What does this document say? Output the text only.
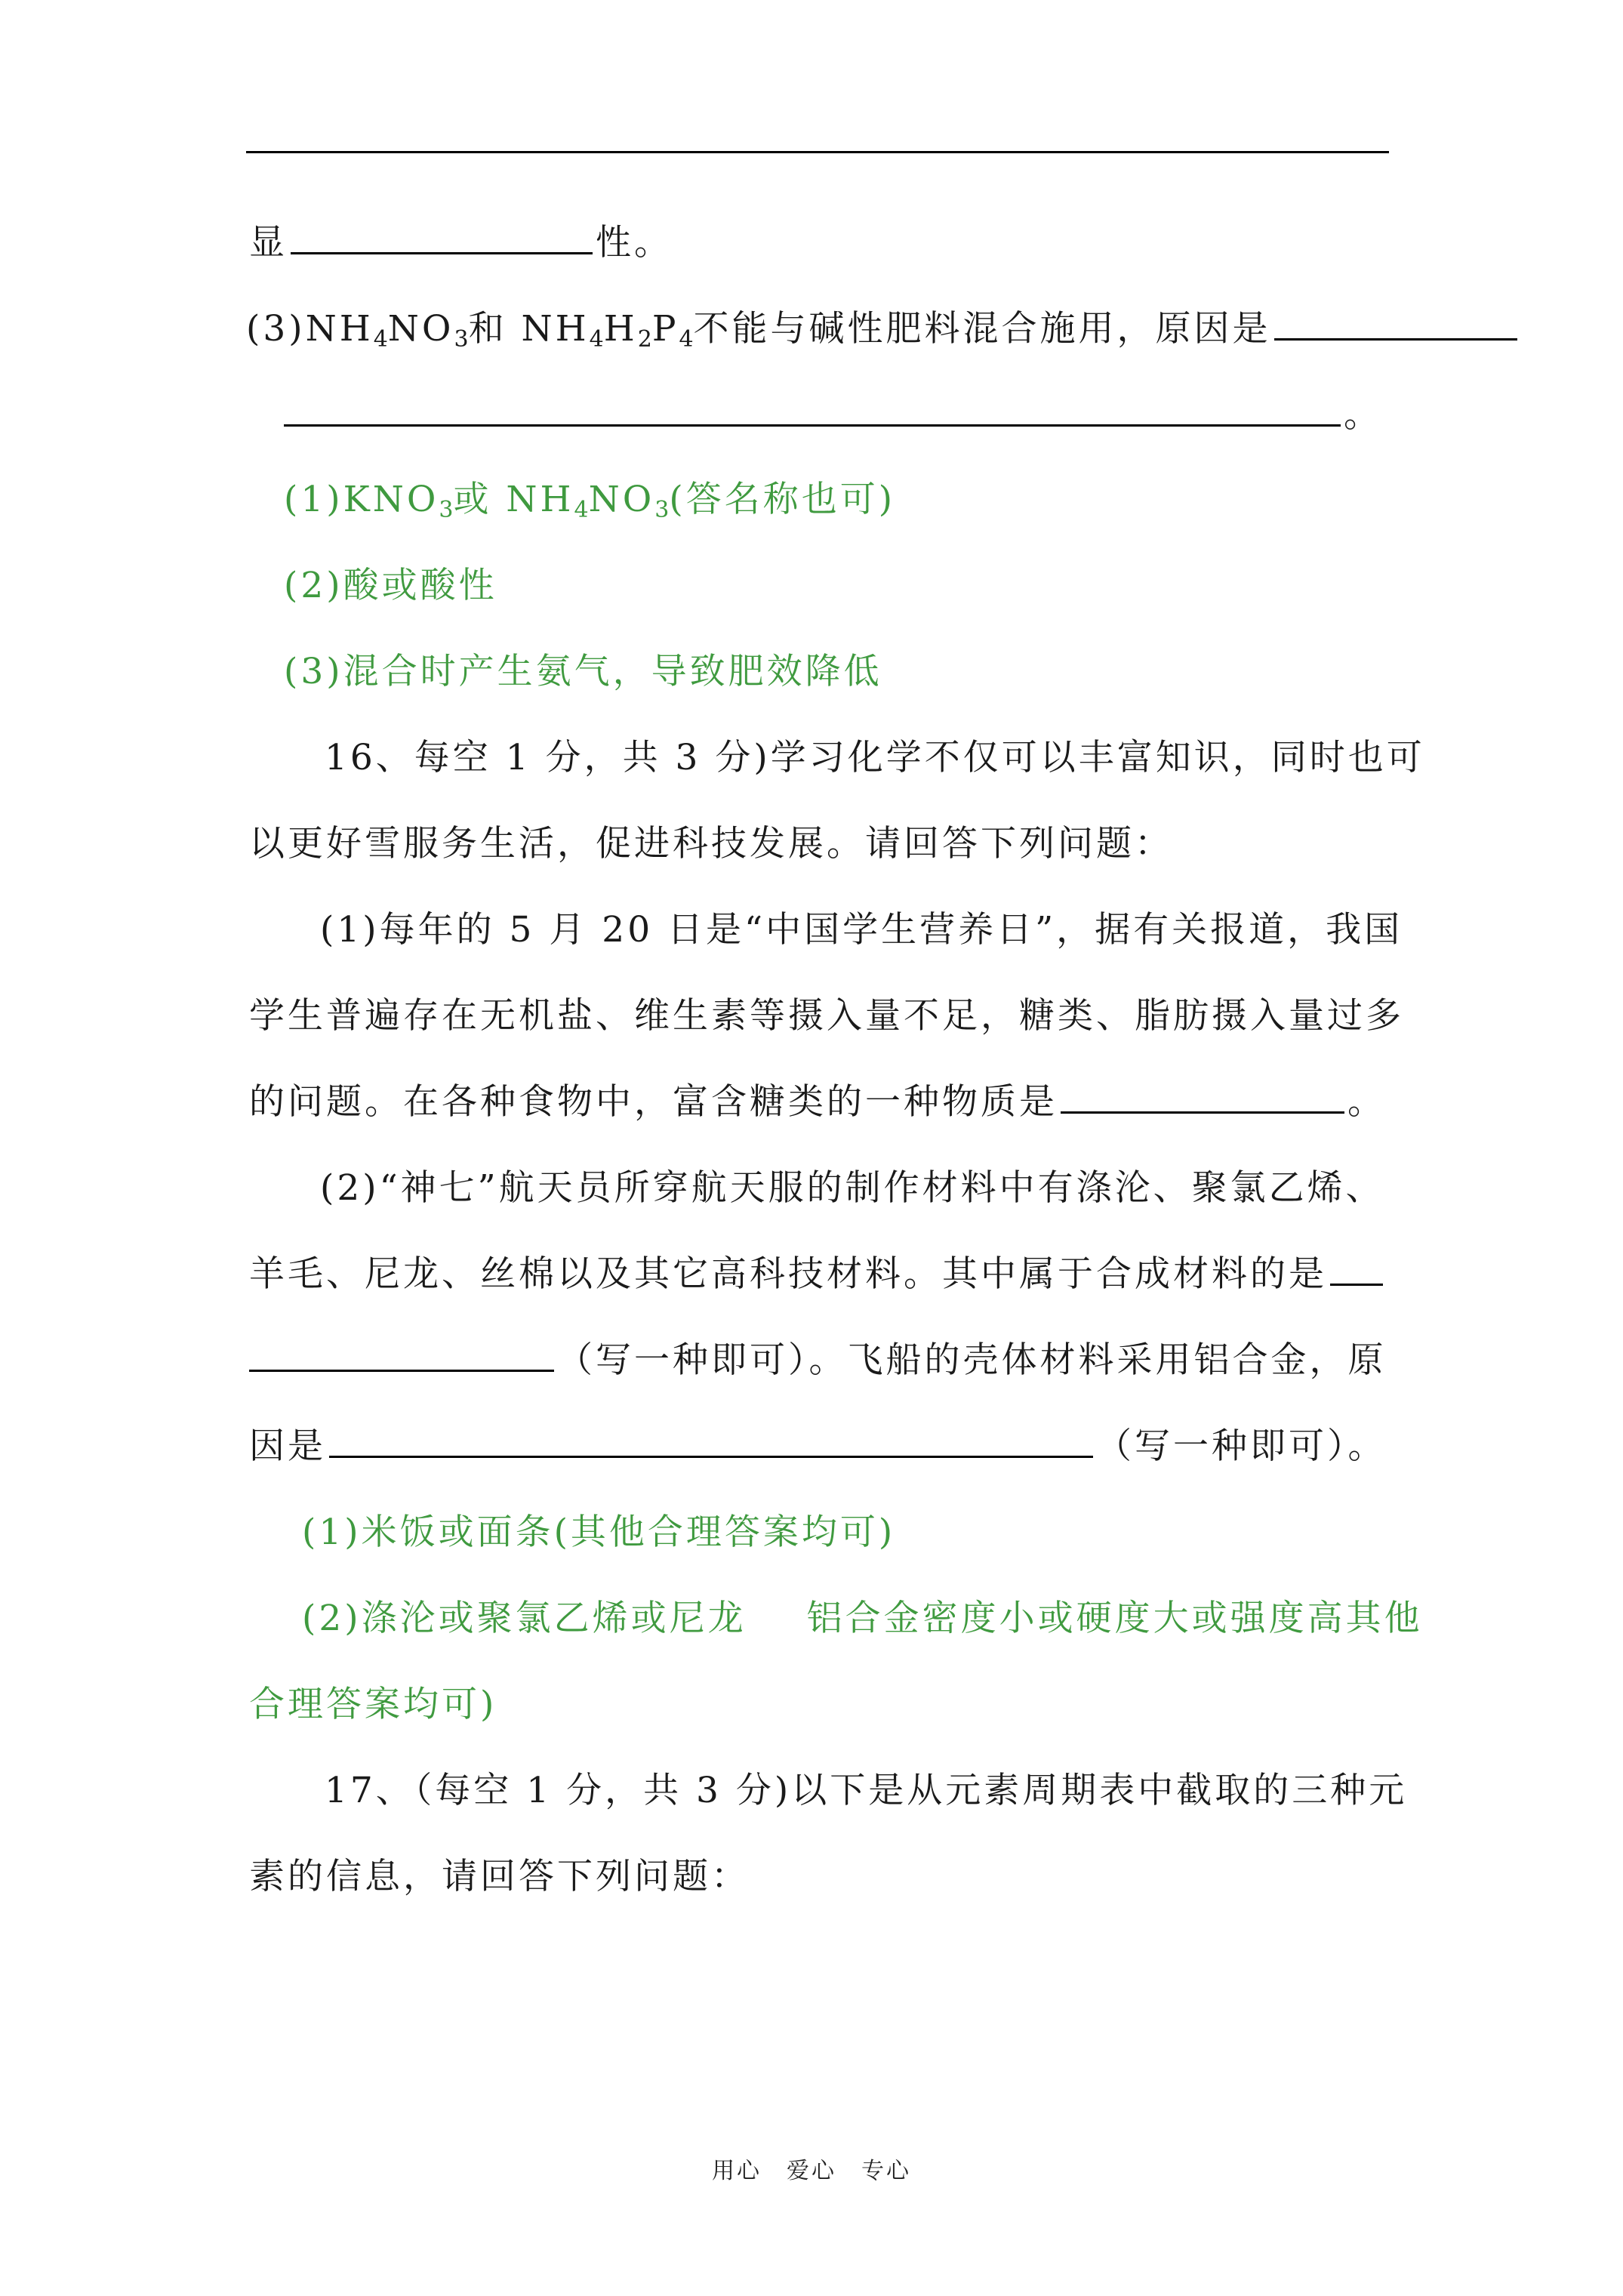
显	性。
$(3)NH_4NO_3$和 $NH_4H_2P_4$不能与碱性肥料混合施用，原因是
。
$(1)KNO_3$或 $NH_4NO_3$(答名称也可)
(2)酸或酸性
(3)混合时产生氨气，导致肥效降低
16、每空 1 分，共 3 分)学习化学不仅可以丰富知识，同时也可
以更好雪服务生活，促进科技发展。请回答下列问题：
(1)每年的 5 月 20 日是“中国学生营养日”，据有关报道，我国
学生普遍存在无机盐、维生素等摄入量不足，糖类、脂肪摄入量过多
的问题。在各种食物中，富含糖类的一种物质是	。
(2)“神七”航天员所穿航天服的制作材料中有涤沦、聚氯乙烯、
羊毛、尼龙、丝棉以及其它高科技材料。其中属于合成材料的是
（写一种即可）。飞船的壳体材料采用铝合金，原
因是	（写一种即可）。
(1)米饭或面条(其他合理答案均可)
(2)涤沦或聚氯乙烯或尼龙 铝合金密度小或硬度大或强度高其他
合理答案均可)
17、（每空 1 分，共 3 分)以下是从元素周期表中截取的三种元
素的信息，请回答下列问题：
用心　爱心　专心
